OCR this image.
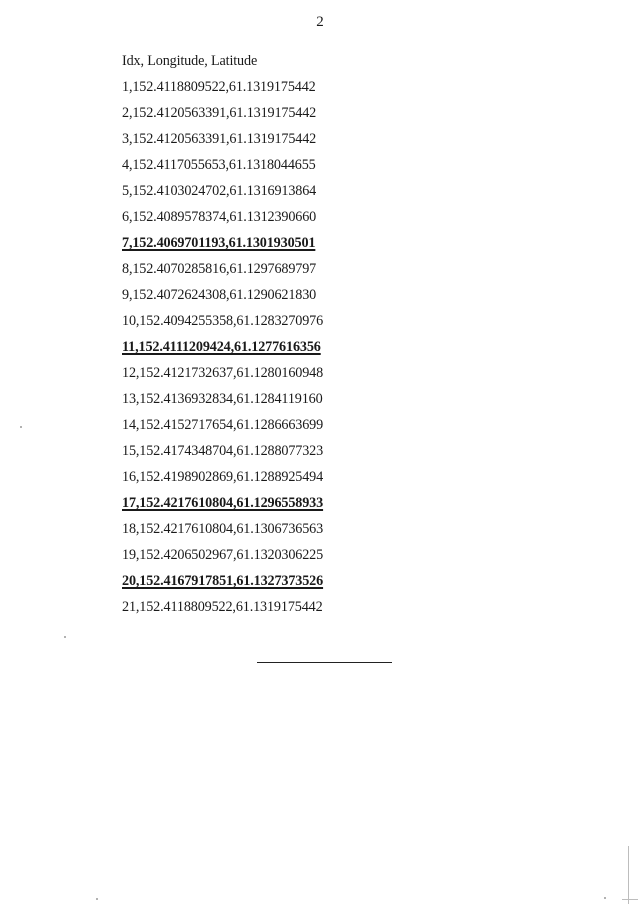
2
Idx, Longitude, Latitude
1,152.4118809522,61.1319175442
2,152.4120563391,61.1319175442
3,152.4120563391,61.1319175442
4,152.4117055653,61.1318044655
5,152.4103024702,61.1316913864
6,152.4089578374,61.1312390660
7,152.4069701193,61.1301930501
8,152.4070285816,61.1297689797
9,152.4072624308,61.1290621830
10,152.4094255358,61.1283270976
11,152.4111209424,61.1277616356
12,152.4121732637,61.1280160948
13,152.4136932834,61.1284119160
14,152.4152717654,61.1286663699
15,152.4174348704,61.1288077323
16,152.4198902869,61.1288925494
17,152.4217610804,61.1296558933
18,152.4217610804,61.1306736563
19,152.4206502967,61.1320306225
20,152.4167917851,61.1327373526
21,152.4118809522,61.1319175442
